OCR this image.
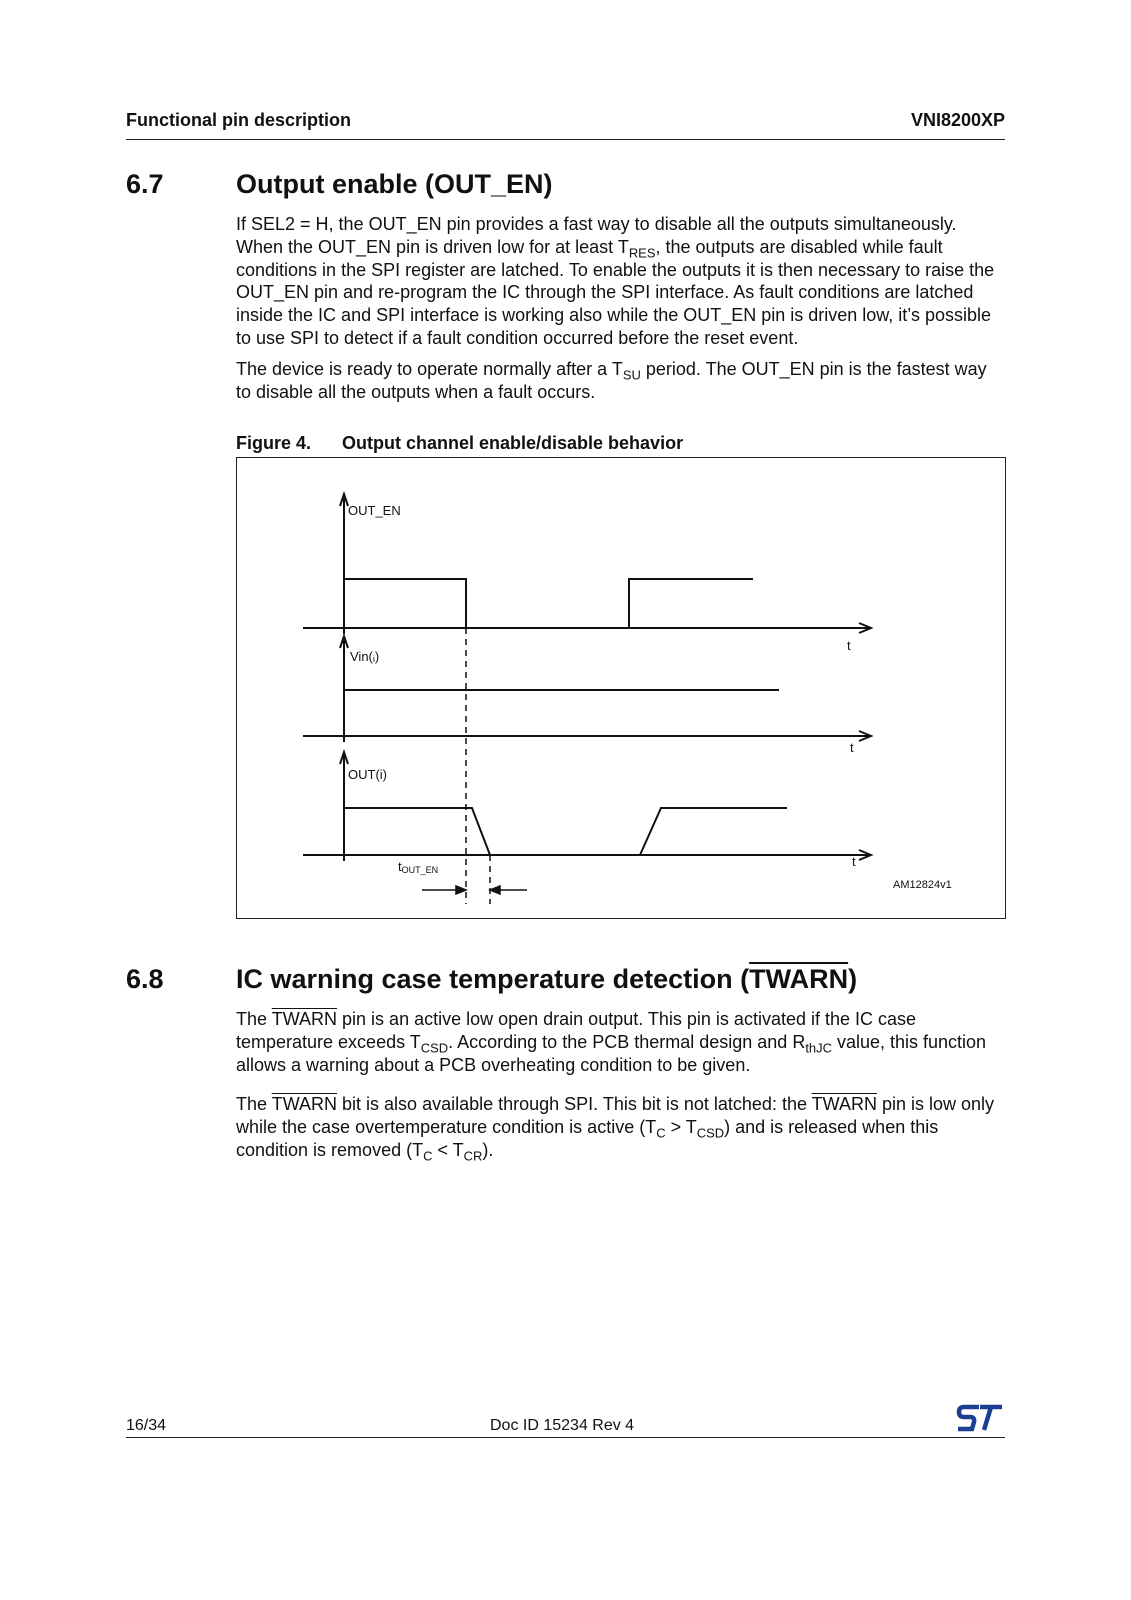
Functional pin description	VNI8200XP
6.7	Output enable (OUT_EN)
If SEL2 = H, the OUT_EN pin provides a fast way to disable all the outputs simultaneously. When the OUT_EN pin is driven low for at least $T_{RES}$, the outputs are disabled while fault conditions in the SPI register are latched. To enable the outputs it is then necessary to raise the OUT_EN pin and re-program the IC through the SPI interface. As fault conditions are latched inside the IC and SPI interface is working also while the OUT_EN pin is driven low, it’s possible to use SPI to detect if a fault condition occurred before the reset event.
The device is ready to operate normally after a $T_{SU}$ period. The OUT_EN pin is the fastest way to disable all the outputs when a fault occurs.
Figure 4. Output channel enable/disable behavior
OUT_EN
Vin(i)
OUT(i)
t
t
t
tOUT_EN
AM12824v1
6.8	IC warning case temperature detection (TWARN)
The TWARN pin is an active low open drain output. This pin is activated if the IC case temperature exceeds $T_{CSD}$. According to the PCB thermal design and $R_{thJC}$ value, this function allows a warning about a PCB overheating condition to be given.
The TWARN bit is also available through SPI. This bit is not latched: the TWARN pin is low only while the case overtemperature condition is active $(T_C > T_{CSD})$ and is released when this condition is removed $(T_C < T_{CR})$.
16/34	Doc ID 15234 Rev 4
